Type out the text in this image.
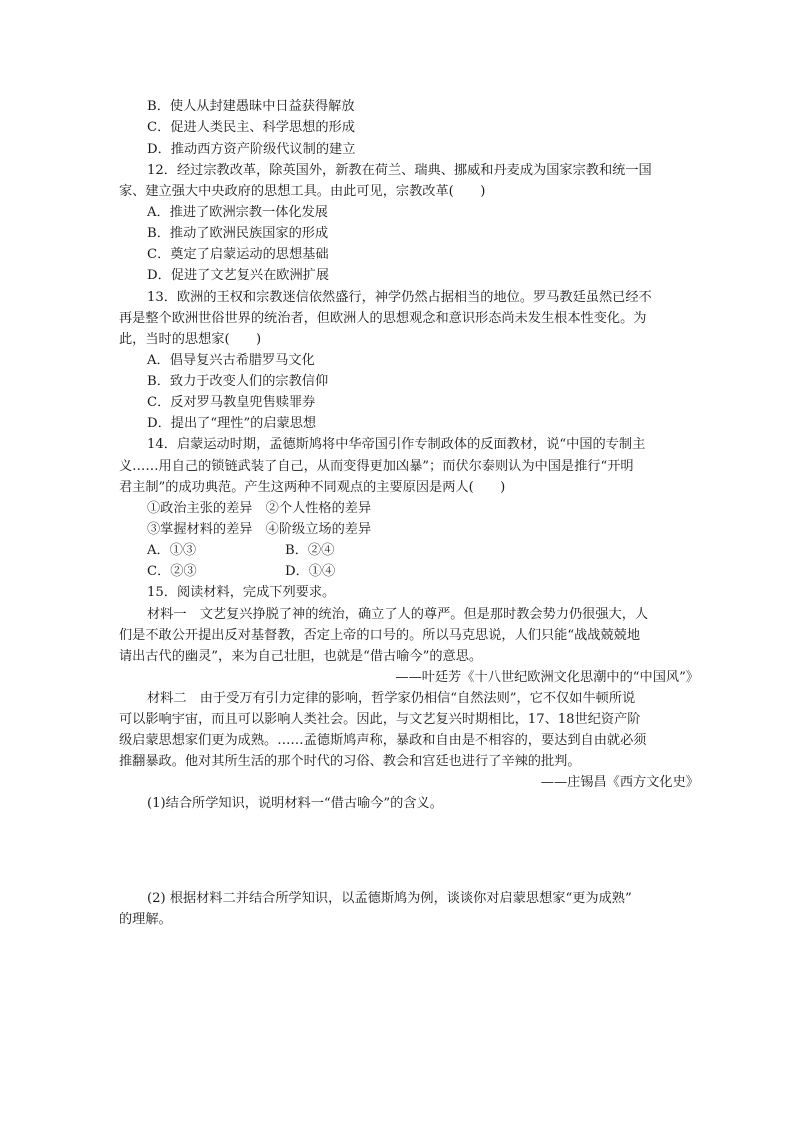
B．使人从封建愚昧中日益获得解放
C．促进人类民主、科学思想的形成
D．推动西方资产阶级代议制的建立
12．经过宗教改革，除英国外，新教在荷兰、瑞典、挪威和丹麦成为国家宗教和统一国
家、建立强大中央政府的思想工具。由此可见，宗教改革(　　)
A．推进了欧洲宗教一体化发展
B．推动了欧洲民族国家的形成
C．奠定了启蒙运动的思想基础
D．促进了文艺复兴在欧洲扩展
13．欧洲的王权和宗教迷信依然盛行，神学仍然占据相当的地位。罗马教廷虽然已经不
再是整个欧洲世俗世界的统治者，但欧洲人的思想观念和意识形态尚未发生根本性变化。为
此，当时的思想家(　　)
A．倡导复兴古希腊罗马文化
B．致力于改变人们的宗教信仰
C．反对罗马教皇兜售赎罪券
D．提出了“理性”的启蒙思想
14．启蒙运动时期，孟德斯鸠将中华帝国引作专制政体的反面教材，说“中国的专制主
义……用自己的锁链武装了自己，从而变得更加凶暴”；而伏尔泰则认为中国是推行“开明
君主制”的成功典范。产生这两种不同观点的主要原因是两人(　　)
①政治主张的差异　②个人性格的差异
③掌握材料的差异　④阶级立场的差异
A．①③	B．②④
C．②③	D．①④
15．阅读材料，完成下列要求。
材料一　文艺复兴挣脱了神的统治，确立了人的尊严。但是那时教会势力仍很强大，人
们是不敢公开提出反对基督教，否定上帝的口号的。所以马克思说，人们只能“战战兢兢地
请出古代的幽灵”，来为自己壮胆，也就是“借古喻今”的意思。
——叶廷芳《十八世纪欧洲文化思潮中的“中国风”》
材料二　由于受万有引力定律的影响，哲学家仍相信“自然法则”，它不仅如牛顿所说
可以影响宇宙，而且可以影响人类社会。因此，与文艺复兴时期相比，17、18世纪资产阶
级启蒙思想家们更为成熟。……孟德斯鸠声称，暴政和自由是不相容的，要达到自由就必须
推翻暴政。他对其所生活的那个时代的习俗、教会和宫廷也进行了辛辣的批判。
——庄锡昌《西方文化史》
(1)结合所学知识，说明材料一“借古喻今”的含义。
(2) 根据材料二并结合所学知识，以孟德斯鸠为例，谈谈你对启蒙思想家“更为成熟”
的理解。
